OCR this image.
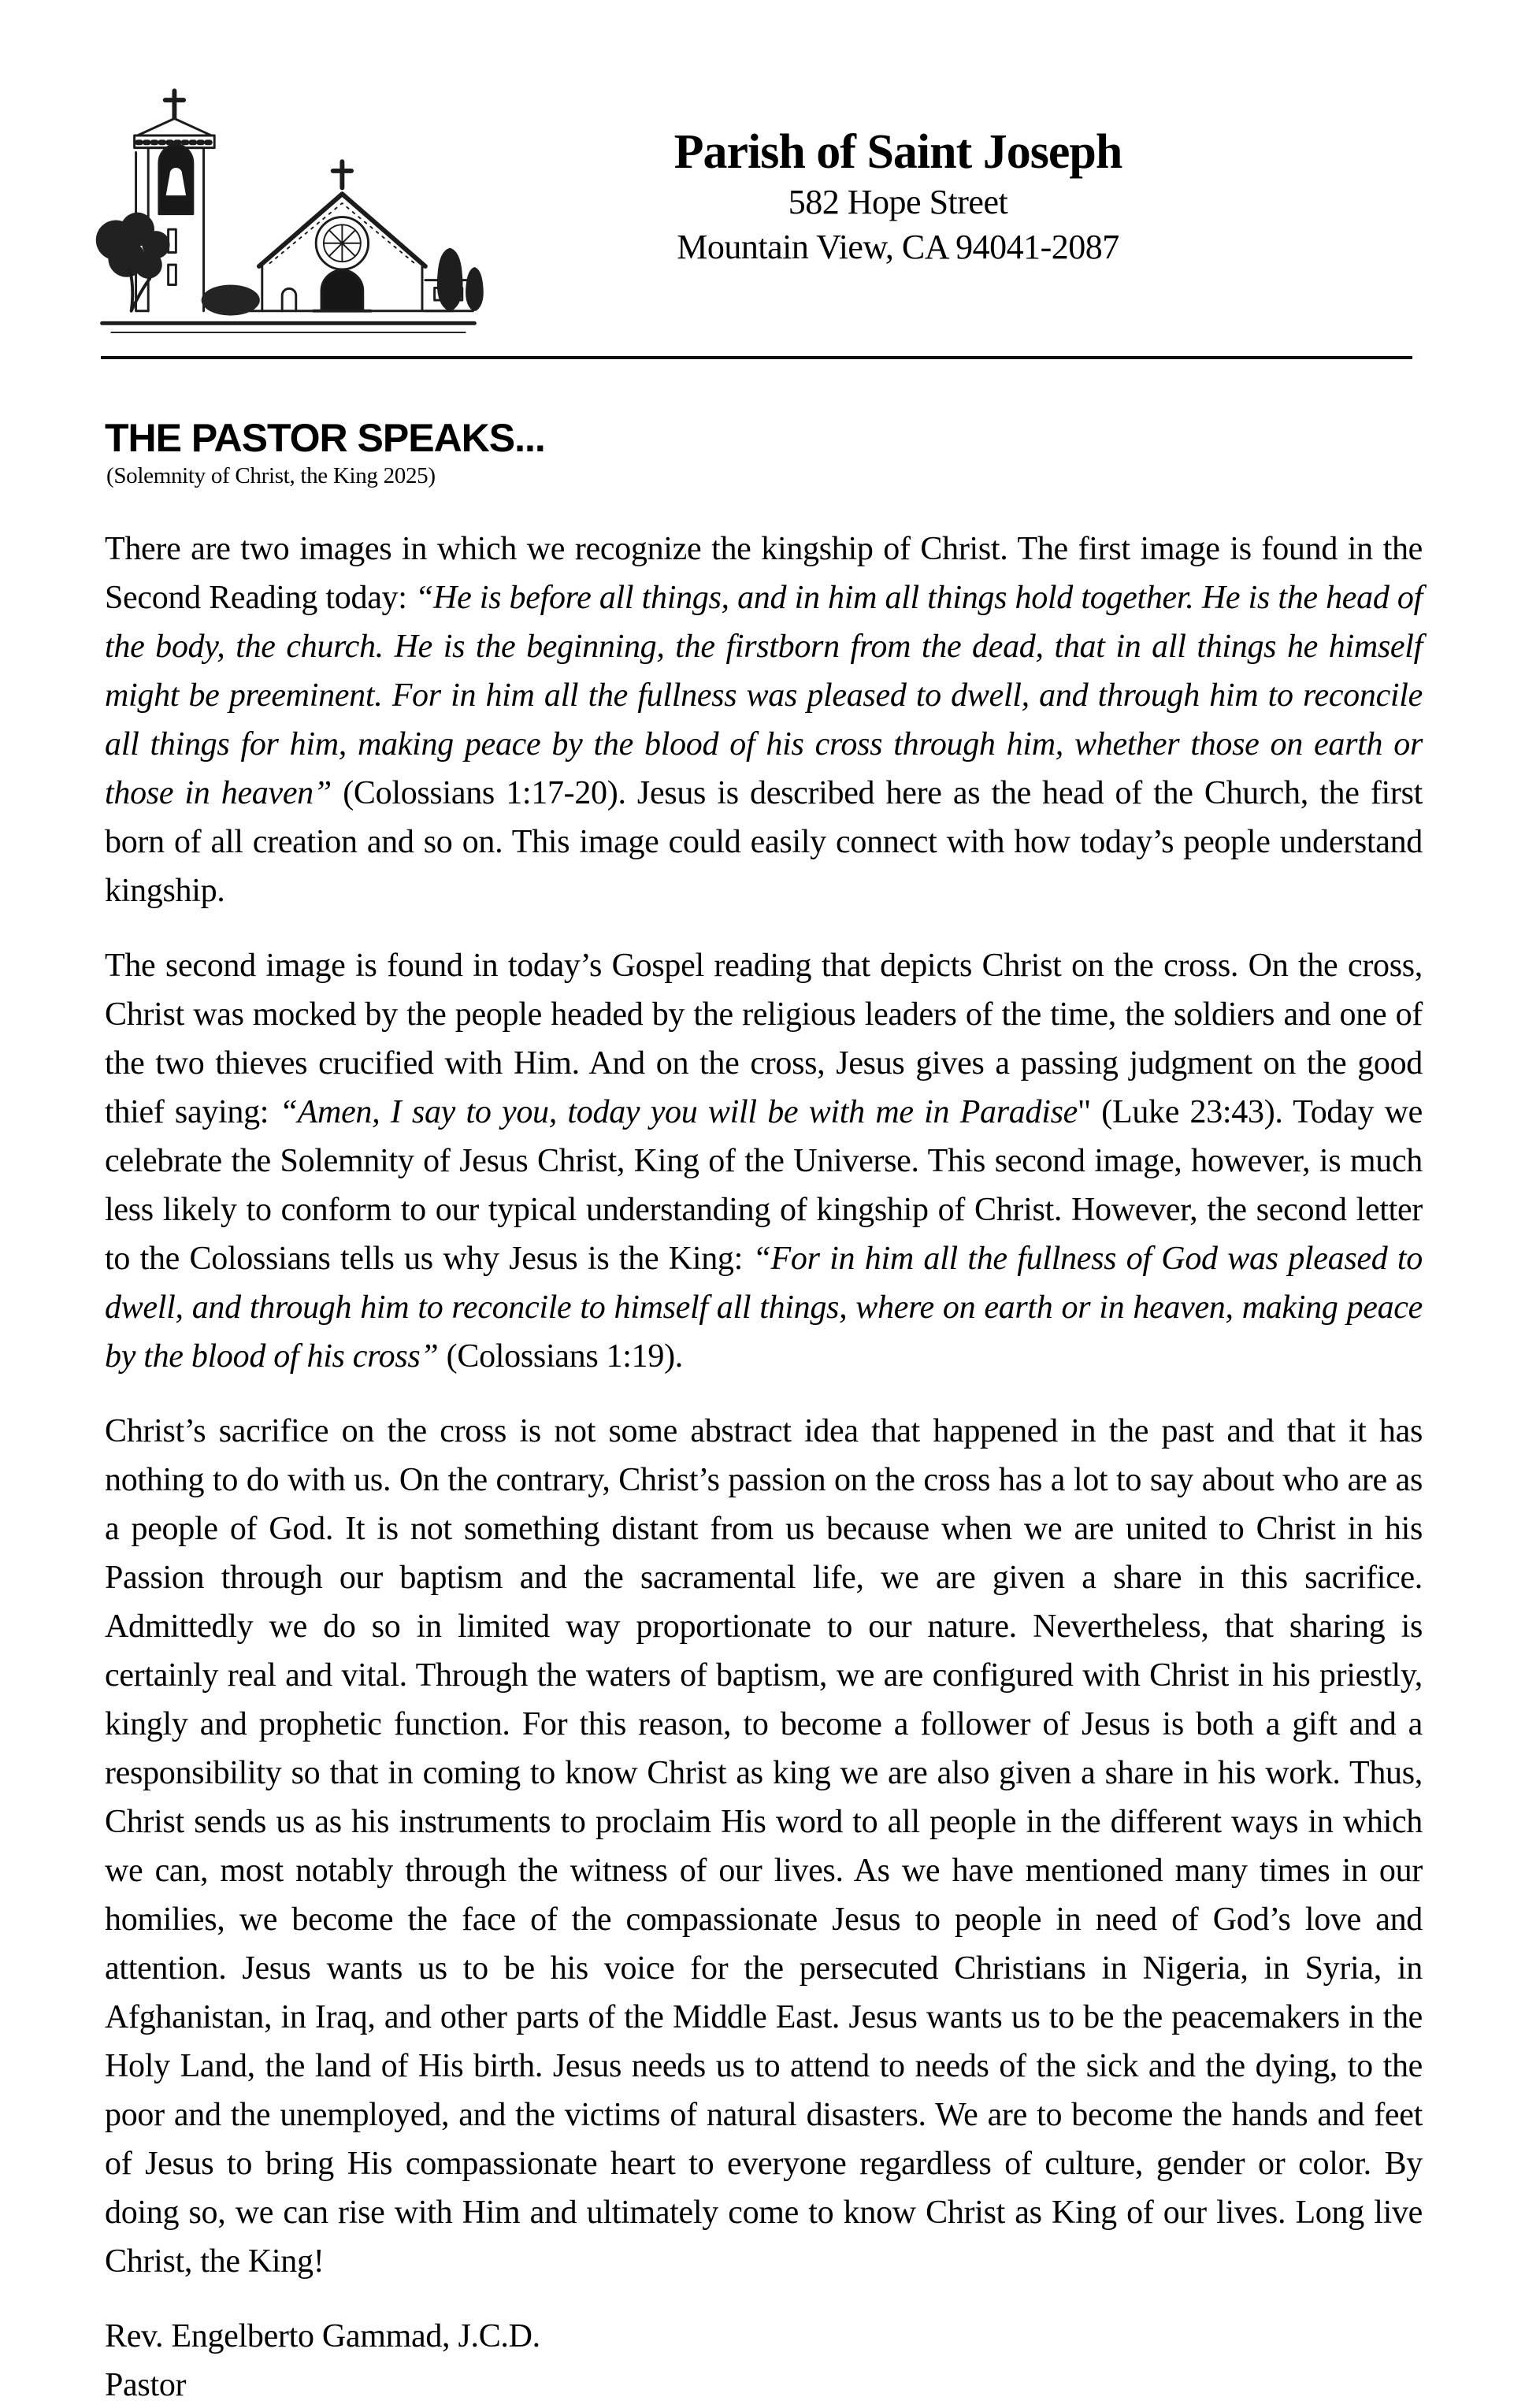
Parish of Saint Joseph
582 Hope Street
Mountain View, CA 94041-2087
THE PASTOR SPEAKS...
(Solemnity of Christ, the King 2025)

There are two images in which we recognize the kingship of Christ. The first image is found in the Second Reading today: “He is before all things, and in him all things hold together. He is the head of the body, the church. He is the beginning, the firstborn from the dead, that in all things he himself might be preeminent. For in him all the fullness was pleased to dwell, and through him to reconcile all things for him, making peace by the blood of his cross through him, whether those on earth or those in heaven” (Colossians 1:17-20). Jesus is described here as the head of the Church, the first born of all creation and so on. This image could easily connect with how today’s people understand kingship.

The second image is found in today’s Gospel reading that depicts Christ on the cross. On the cross, Christ was mocked by the people headed by the religious leaders of the time, the soldiers and one of the two thieves crucified with Him. And on the cross, Jesus gives a passing judgment on the good thief saying: “Amen, I say to you, today you will be with me in Paradise" (Luke 23:43). Today we celebrate the Solemnity of Jesus Christ, King of the Universe. This second image, however, is much less likely to conform to our typical understanding of kingship of Christ. However, the second letter to the Colossians tells us why Jesus is the King: “For in him all the fullness of God was pleased to dwell, and through him to reconcile to himself all things, where on earth or in heaven, making peace by the blood of his cross” (Colossians 1:19).

Christ’s sacrifice on the cross is not some abstract idea that happened in the past and that it has nothing to do with us. On the contrary, Christ’s passion on the cross has a lot to say about who are as a people of God. It is not something distant from us because when we are united to Christ in his Passion through our baptism and the sacramental life, we are given a share in this sacrifice. Admittedly we do so in limited way proportionate to our nature. Nevertheless, that sharing is certainly real and vital. Through the waters of baptism, we are configured with Christ in his priestly, kingly and prophetic function. For this reason, to become a follower of Jesus is both a gift and a responsibility so that in coming to know Christ as king we are also given a share in his work. Thus, Christ sends us as his instruments to proclaim His word to all people in the different ways in which we can, most notably through the witness of our lives. As we have mentioned many times in our homilies, we become the face of the compassionate Jesus to people in need of God’s love and attention. Jesus wants us to be his voice for the persecuted Christians in Nigeria, in Syria, in Afghanistan, in Iraq, and other parts of the Middle East. Jesus wants us to be the peacemakers in the Holy Land, the land of His birth. Jesus needs us to attend to needs of the sick and the dying, to the poor and the unemployed, and the victims of natural disasters. We are to become the hands and feet of Jesus to bring His compassionate heart to everyone regardless of culture, gender or color. By doing so, we can rise with Him and ultimately come to know Christ as King of our lives. Long live Christ, the King!

Rev. Engelberto Gammad, J.C.D.
Pastor
